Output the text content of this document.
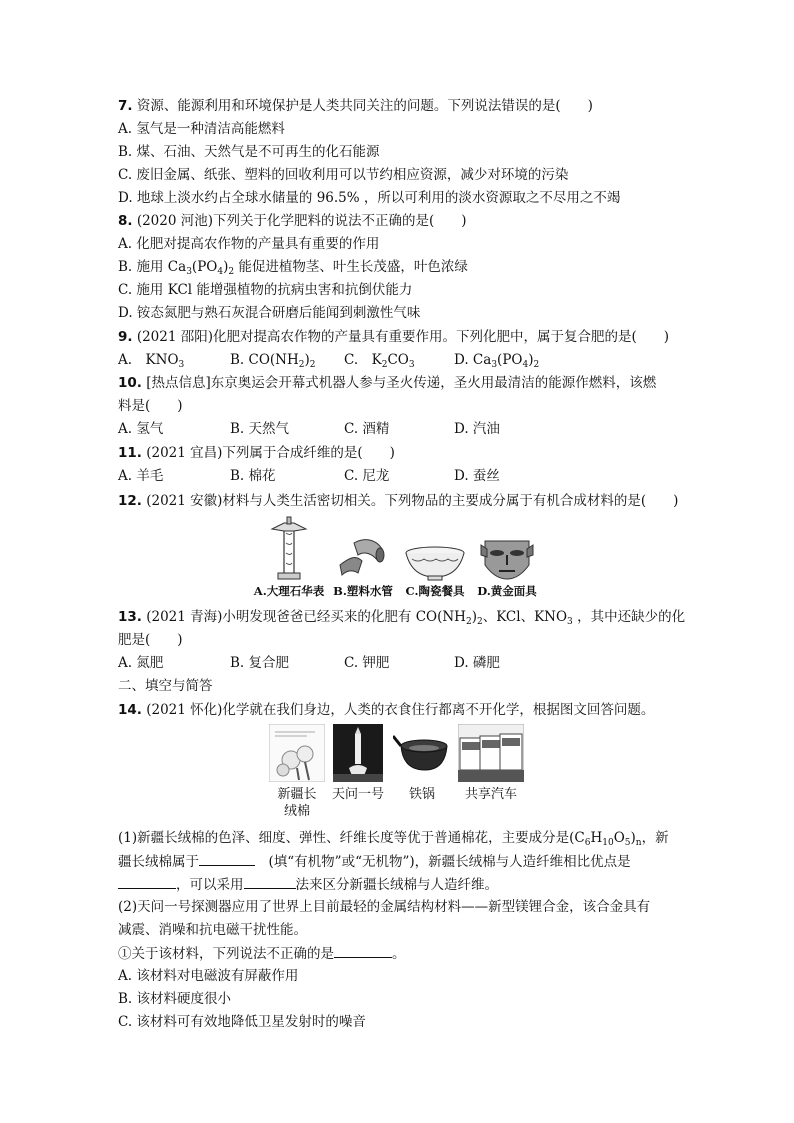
7. 资源、能源利用和环境保护是人类共同关注的问题。下列说法错误的是(　　)
A. 氢气是一种清洁高能燃料
B. 煤、石油、天然气是不可再生的化石能源
C. 废旧金属、纸张、塑料的回收利用可以节约相应资源，减少对环境的污染
D. 地球上淡水约占全球水储量的 96.5% ，所以可利用的淡水资源取之不尽用之不竭
8. (2020 河池)下列关于化学肥料的说法不正确的是(　　)
A. 化肥对提高农作物的产量具有重要的作用
B. 施用 $Ca_3(PO_4)_2$ 能促进植物茎、叶生长茂盛，叶色浓绿
C. 施用 KCl 能增强植物的抗病虫害和抗倒伏能力
D. 铵态氮肥与熟石灰混合研磨后能闻到刺激性气味
9. (2021 邵阳)化肥对提高农作物的产量具有重要作用。下列化肥中，属于复合肥的是(　　)
A.　$KNO_3$	B. $CO(NH_2)_2$	C.　$K_2CO_3$	D. $Ca_3(PO_4)_2$
10. [热点信息]东京奥运会开幕式机器人参与圣火传递，圣火用最清洁的能源作燃料，该燃
料是(　　)
A. 氢气	B. 天然气	C. 酒精	D. 汽油
11. (2021 宜昌)下列属于合成纤维的是(　　)
A. 羊毛	B. 棉花	C. 尼龙	D. 蚕丝
12. (2021 安徽)材料与人类生活密切相关。下列物品的主要成分属于有机合成材料的是(　　)
A.大理石华表 B.塑料水管 C.陶瓷餐具 D.黄金面具
13. (2021 青海)小明发现爸爸已经买来的化肥有 $CO(NH_2)_2$、KCl、$KNO_3$ ，其中还缺少的化
肥是(　　)
A. 氮肥	B. 复合肥	C. 钾肥	D. 磷肥
二、填空与简答
14. (2021 怀化)化学就在我们身边，人类的衣食住行都离不开化学，根据图文回答问题。
新疆长
绒棉
天问一号 铁锅 共享汽车
(1)新疆长绒棉的色泽、细度、弹性、纤维长度等优于普通棉花，主要成分是$(C_6H_{10}O_5)_n$，新
疆长绒棉属于	　(填“有机物”或“无机物”)，新疆长绒棉与人造纤维相比优点是
，可以采用	法来区分新疆长绒棉与人造纤维。
(2)天问一号探测器应用了世界上目前最轻的金属结构材料——新型镁锂合金，该合金具有
减震、消噪和抗电磁干扰性能。
①关于该材料，下列说法不正确的是	。
A. 该材料对电磁波有屏蔽作用
B. 该材料硬度很小
C. 该材料可有效地降低卫星发射时的噪音
